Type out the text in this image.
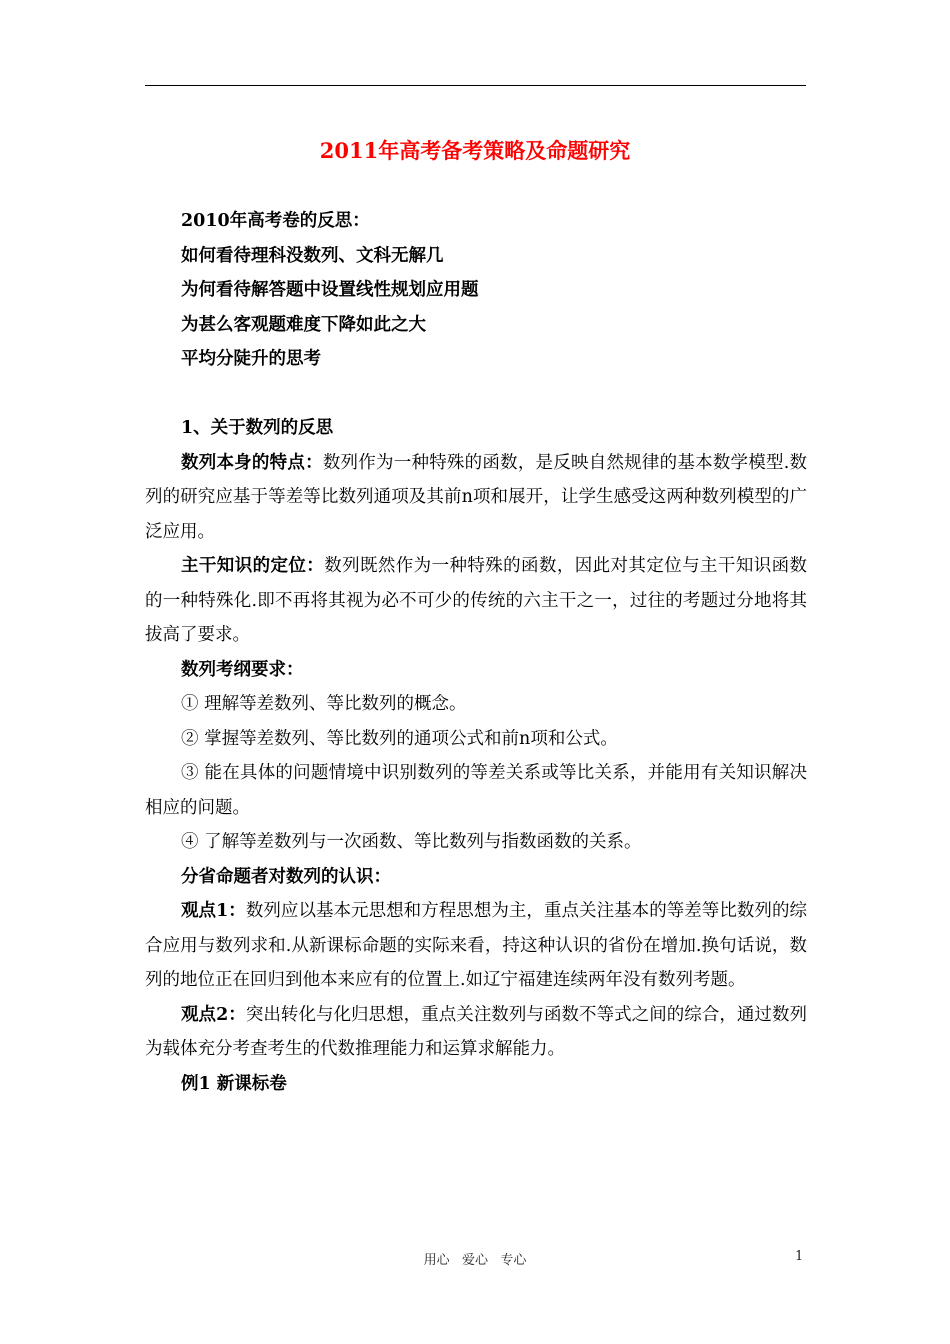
2011年高考备考策略及命题研究

2010年高考卷的反思：

如何看待理科没数列、文科无解几

为何看待解答题中设置线性规划应用题

为甚么客观题难度下降如此之大

平均分陡升的思考

1、关于数列的反思

数列本身的特点：数列作为一种特殊的函数，是反映自然规律的基本数学模型.数列的研究应基于等差等比数列通项及其前n项和展开，让学生感受这两种数列模型的广泛应用。

主干知识的定位：数列既然作为一种特殊的函数，因此对其定位与主干知识函数的一种特殊化.即不再将其视为必不可少的传统的六主干之一，过往的考题过分地将其拔高了要求。

数列考纲要求：

① 理解等差数列、等比数列的概念。

② 掌握等差数列、等比数列的通项公式和前n项和公式。

③ 能在具体的问题情境中识别数列的等差关系或等比关系，并能用有关知识解决相应的问题。

④ 了解等差数列与一次函数、等比数列与指数函数的关系。

分省命题者对数列的认识：

观点1：数列应以基本元思想和方程思想为主，重点关注基本的等差等比数列的综合应用与数列求和.从新课标命题的实际来看，持这种认识的省份在增加.换句话说，数列的地位正在回归到他本来应有的位置上.如辽宁福建连续两年没有数列考题。

观点2：突出转化与化归思想，重点关注数列与函数不等式之间的综合，通过数列为载体充分考查考生的代数推理能力和运算求解能力。

例1 新课标卷

用心   爱心   专心	1
